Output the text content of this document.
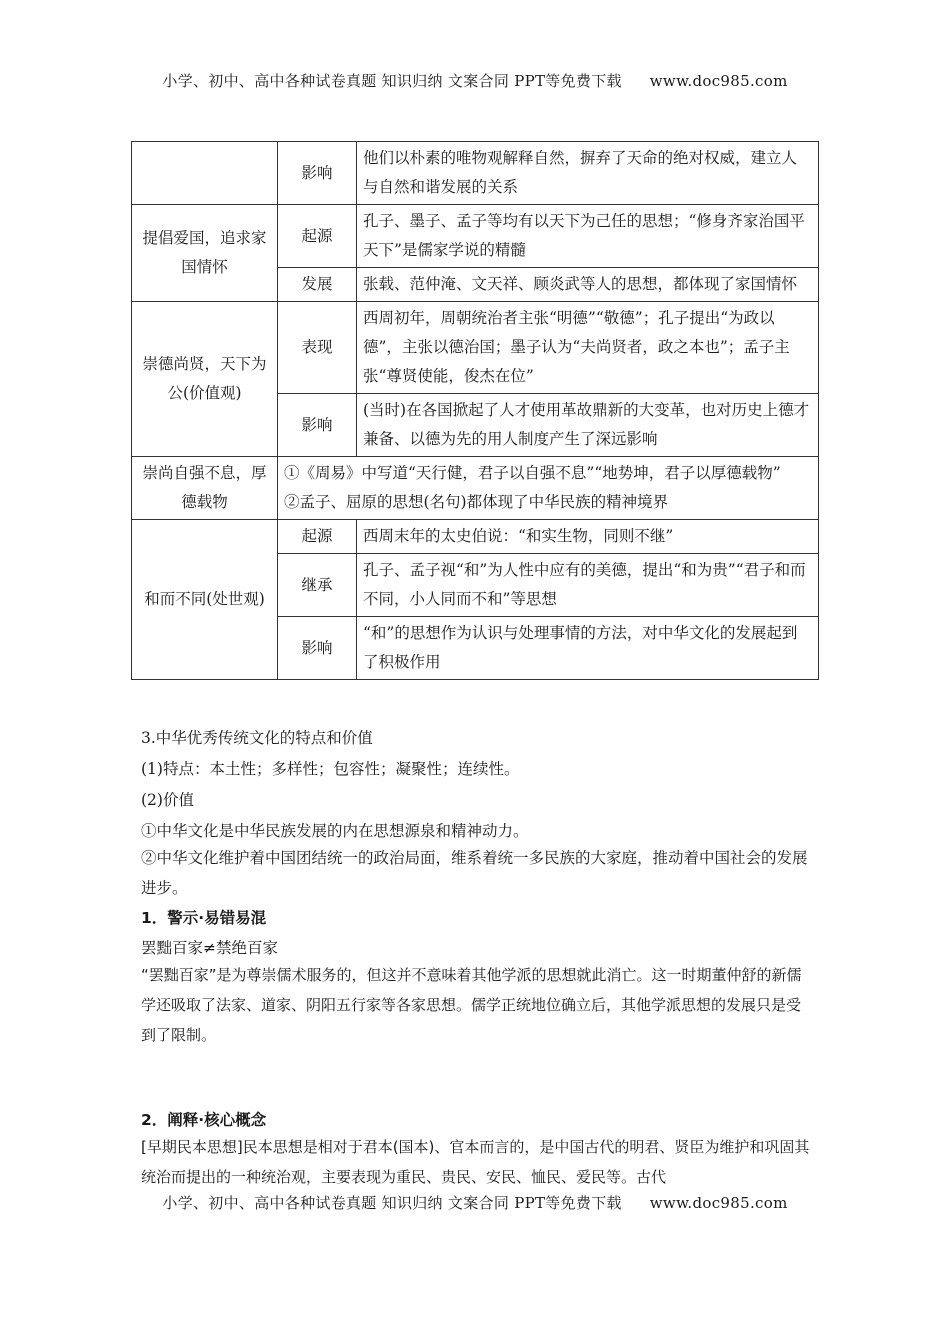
小学、初中、高中各种试卷真题 知识归纳 文案合同 PPT等免费下载 www.doc985.com
	影响	他们以朴素的唯物观解释自然，摒弃了天命的绝对权威，建立人与自然和谐发展的关系
提倡爱国，追求家国情怀	起源	孔子、墨子、孟子等均有以天下为己任的思想；“修身齐家治国平天下”是儒家学说的精髓
	发展	张载、范仲淹、文天祥、顾炎武等人的思想，都体现了家国情怀
崇德尚贤，天下为公(价值观)	表现	西周初年，周朝统治者主张“明德”“敬德”；孔子提出“为政以德”，主张以德治国；墨子认为“夫尚贤者，政之本也”；孟子主张“尊贤使能，俊杰在位”
	影响	(当时)在各国掀起了人才使用革故鼎新的大变革，也对历史上德才兼备、以德为先的用人制度产生了深远影响
崇尚自强不息，厚德载物	①《周易》中写道“天行健，君子以自强不息”“地势坤，君子以厚德载物”
②孟子、屈原的思想(名句)都体现了中华民族的精神境界	

和而不同(处世观)	起源	西周末年的太史伯说：“和实生物，同则不继”
	继承	孔子、孟子视“和”为人性中应有的美德，提出“和为贵”“君子和而不同，小人同而不和”等思想
	影响	“和”的思想作为认识与处理事情的方法，对中华文化的发展起到了积极作用
3.中华优秀传统文化的特点和价值
(1)特点：本土性；多样性；包容性；凝聚性；连续性。
(2)价值
①中华文化是中华民族发展的内在思想源泉和精神动力。
②中华文化维护着中国团结统一的政治局面，维系着统一多民族的大家庭，推动着中国社会的发展进步。
1．警示·易错易混
罢黜百家≠禁绝百家
“罢黜百家”是为尊崇儒术服务的，但这并不意味着其他学派的思想就此消亡。这一时期董仲舒的新儒学还吸取了法家、道家、阴阳五行家等各家思想。儒学正统地位确立后，其他学派思想的发展只是受到了限制。
2．阐释·核心概念
[早期民本思想]民本思想是相对于君本(国本)、官本而言的，是中国古代的明君、贤臣为维护和巩固其统治而提出的一种统治观，主要表现为重民、贵民、安民、恤民、爱民等。古代
小学、初中、高中各种试卷真题 知识归纳 文案合同 PPT等免费下载 www.doc985.com
